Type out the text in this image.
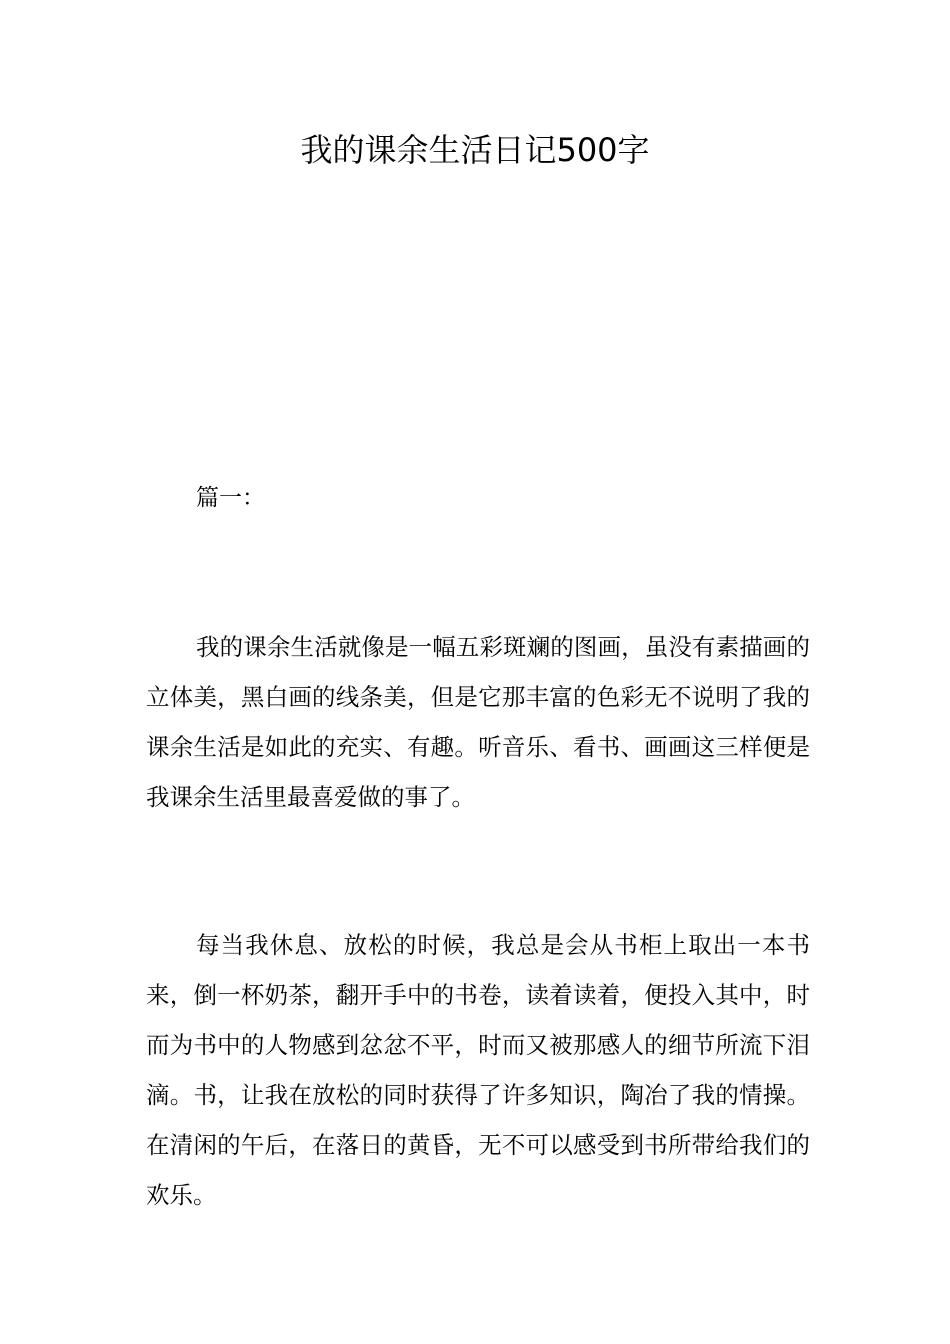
我的课余生活日记500字
篇一：

我的课余生活就像是一幅五彩斑斓的图画，虽没有素描画的立体美，黑白画的线条美，但是它那丰富的色彩无不说明了我的课余生活是如此的充实、有趣。听音乐、看书、画画这三样便是我课余生活里最喜爱做的事了。

每当我休息、放松的时候，我总是会从书柜上取出一本书来，倒一杯奶茶，翻开手中的书卷，读着读着，便投入其中，时而为书中的人物感到忿忿不平，时而又被那感人的细节所流下泪滴。书，让我在放松的同时获得了许多知识，陶冶了我的情操。在清闲的午后，在落日的黄昏，无不可以感受到书所带给我们的欢乐。
